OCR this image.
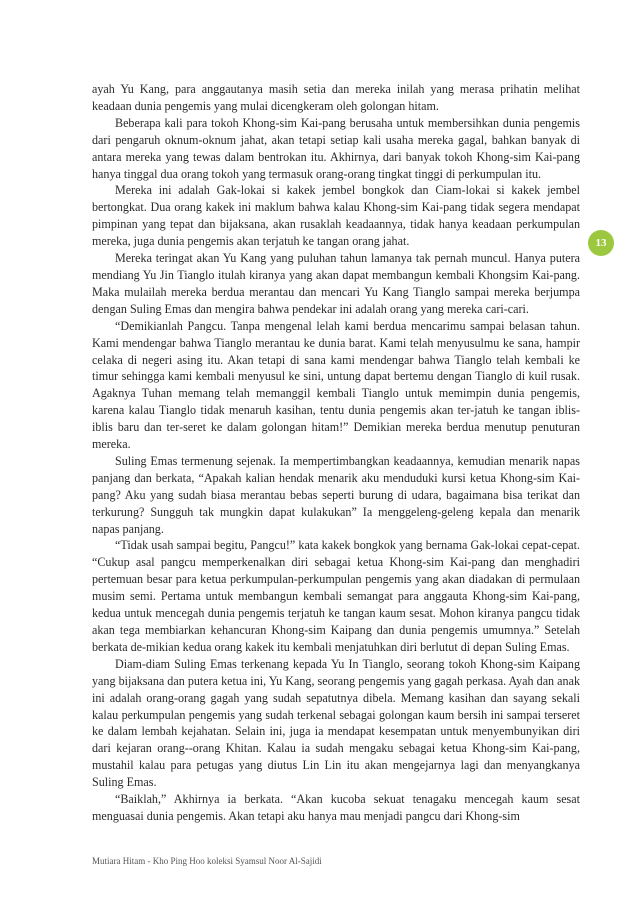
ayah Yu Kang, para anggautanya masih setia dan mereka inilah yang merasa prihatin melihat keadaan dunia pengemis yang mulai dicengkeram oleh golongan hitam.

Beberapa kali para tokoh Khong-sim Kai-pang berusaha untuk membersihkan dunia pengemis dari pengaruh oknum-oknum jahat, akan tetapi setiap kali usaha mereka gagal, bahkan banyak di antara mereka yang tewas dalam bentrokan itu. Akhirnya, dari banyak tokoh Khong-sim Kai-pang hanya tinggal dua orang tokoh yang termasuk orang-orang tingkat tinggi di perkumpulan itu.

Mereka ini adalah Gak-lokai si kakek jembel bongkok dan Ciam-lokai si kakek jembel bertongkat. Dua orang kakek ini maklum bahwa kalau Khong-sim Kai-pang tidak segera mendapat pimpinan yang tepat dan bijaksana, akan rusaklah keadaannya, tidak hanya keadaan perkumpulan mereka, juga dunia pengemis akan terjatuh ke tangan orang jahat.

Mereka teringat akan Yu Kang yang puluhan tahun lamanya tak pernah muncul. Hanya putera mendiang Yu Jin Tianglo itulah kiranya yang akan dapat membangun kembali Khongsim Kai-pang. Maka mulailah mereka berdua merantau dan mencari Yu Kang Tianglo sampai mereka berjumpa dengan Suling Emas dan mengira bahwa pendekar ini adalah orang yang mereka cari-cari.

“Demikianlah Pangcu. Tanpa mengenal lelah kami berdua mencarimu sampai belasan tahun. Kami mendengar bahwa Tianglo merantau ke dunia barat. Kami telah menyusulmu ke sana, hampir celaka di negeri asing itu. Akan tetapi di sana kami mendengar bahwa Tianglo telah kembali ke timur sehingga kami kembali menyusul ke sini, untung dapat bertemu dengan Tianglo di kuil rusak. Agaknya Tuhan memang telah memanggil kembali Tianglo untuk memimpin dunia pengemis, karena kalau Tianglo tidak menaruh kasihan, tentu dunia pengemis akan ter-jatuh ke tangan iblis-iblis baru dan ter-seret ke dalam golongan hitam!” Demikian mereka berdua menutup penuturan mereka.

Suling Emas termenung sejenak. Ia mempertimbangkan keadaannya, kemudian menarik napas panjang dan berkata, “Apakah kalian hendak menarik aku menduduki kursi ketua Khong-sim Kai-pang? Aku yang sudah biasa merantau bebas seperti burung di udara, bagaimana bisa terikat dan terkurung? Sungguh tak mungkin dapat kulakukan” Ia menggeleng-geleng kepala dan menarik napas panjang.

“Tidak usah sampai begitu, Pangcu!” kata kakek bongkok yang bernama Gak-lokai cepat-cepat. “Cukup asal pangcu memperkenalkan diri sebagai ketua Khong-sim Kai-pang dan menghadiri pertemuan besar para ketua perkumpulan-perkumpulan pengemis yang akan diadakan di permulaan musim semi. Pertama untuk membangun kembali semangat para anggauta Khong-sim Kai-pang, kedua untuk mencegah dunia pengemis terjatuh ke tangan kaum sesat. Mohon kiranya pangcu tidak akan tega membiarkan kehancuran Khong-sim Kaipang dan dunia pengemis umumnya.” Setelah berkata de-mikian kedua orang kakek itu kembali menjatuhkan diri berlutut di depan Suling Emas.

Diam-diam Suling Emas terkenang kepada Yu In Tianglo, seorang tokoh Khong-sim Kaipang yang bijaksana dan putera ketua ini, Yu Kang, seorang pengemis yang gagah perkasa. Ayah dan anak ini adalah orang-orang gagah yang sudah sepatutnya dibela. Memang kasihan dan sayang sekali kalau perkumpulan pengemis yang sudah terkenal sebagai golongan kaum bersih ini sampai terseret ke dalam lembah kejahatan. Selain ini, juga ia mendapat kesempatan untuk menyembunyikan diri dari kejaran orang--orang Khitan. Kalau ia sudah mengaku sebagai ketua Khong-sim Kai-pang, mustahil kalau para petugas yang diutus Lin Lin itu akan mengejarnya lagi dan menyangkanya Suling Emas.

“Baiklah,” Akhirnya ia berkata. “Akan kucoba sekuat tenagaku mencegah kaum sesat menguasai dunia pengemis. Akan tetapi aku hanya mau menjadi pangcu dari Khong-sim

13
Mutiara Hitam - Kho Ping Hoo koleksi Syamsul Noor Al-Sajidi
